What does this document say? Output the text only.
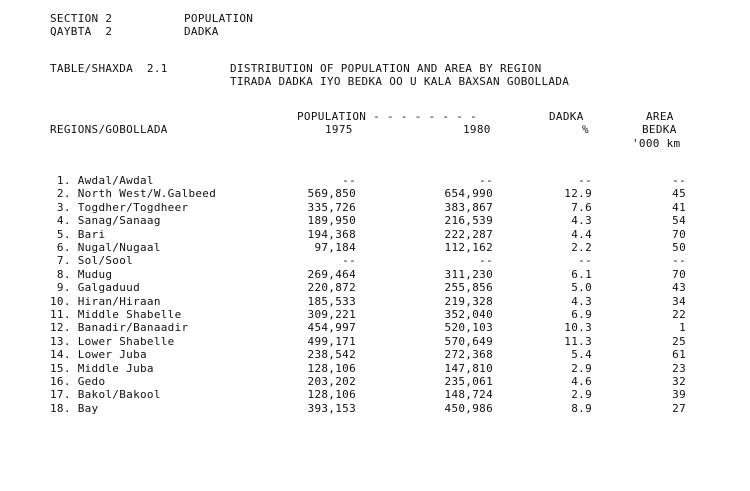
SECTION 2	POPULATION
QAYBTA  2	DADKA
TABLE/SHAXDA  2.1	DISTRIBUTION OF POPULATION AND AREA BY REGION
TIRADA DADKA IYO BEDKA OO U KALA BAXSAN GOBOLLADA
POPULATION - - - - - - - -	DADKA	AREA
REGIONS/GOBOLLADA	1975	1980	%	BEDKA
'000 km
1. Awdal/Awdal	--	--	--	--
2. North West/W.Galbeed	569,850	654,990	12.9	45
3. Togdher/Togdheer	335,726	383,867	7.6	41
4. Sanag/Sanaag	189,950	216,539	4.3	54
5. Bari	194,368	222,287	4.4	70
6. Nugal/Nugaal	97,184	112,162	2.2	50
7. Sol/Sool	--	--	--	--
8. Mudug	269,464	311,230	6.1	70
9. Galgaduud	220,872	255,856	5.0	43
10. Hiran/Hiraan	185,533	219,328	4.3	34
11. Middle Shabelle	309,221	352,040	6.9	22
12. Banadir/Banaadir	454,997	520,103	10.3	1
13. Lower Shabelle	499,171	570,649	11.3	25
14. Lower Juba	238,542	272,368	5.4	61
15. Middle Juba	128,106	147,810	2.9	23
16. Gedo	203,202	235,061	4.6	32
17. Bakol/Bakool	128,106	148,724	2.9	39
18. Bay	393,153	450,986	8.9	27
